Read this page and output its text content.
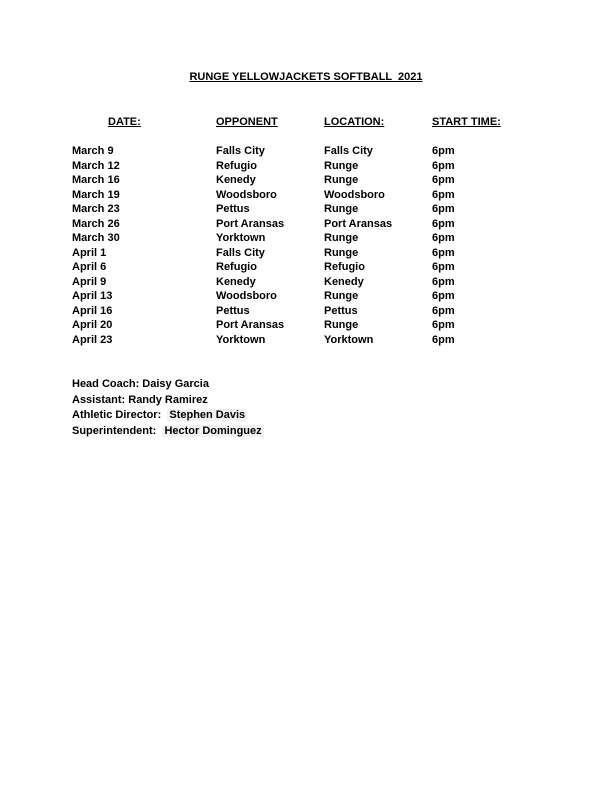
RUNGE YELLOWJACKETS SOFTBALL  2021
DATE:	OPPONENT	LOCATION:	START TIME:
March 9	Falls City	Falls City	6pm
March 12	Refugio	Runge	6pm
March 16	Kenedy	Runge	6pm
March 19	Woodsboro	Woodsboro	6pm
March 23	Pettus	Runge	6pm
March 26	Port Aransas	Port Aransas	6pm
March 30	Yorktown	Runge	6pm
April 1	Falls City	Runge	6pm
April 6	Refugio	Refugio	6pm
April 9	Kenedy	Kenedy	6pm
April 13	Woodsboro	Runge	6pm
April 16	Pettus	Pettus	6pm
April 20	Port Aransas	Runge	6pm
April 23	Yorktown	Yorktown	6pm
Head Coach: Daisy Garcia
Assistant: Randy Ramirez
Athletic Director:  Stephen Davis
Superintendent:  Hector Dominguez
